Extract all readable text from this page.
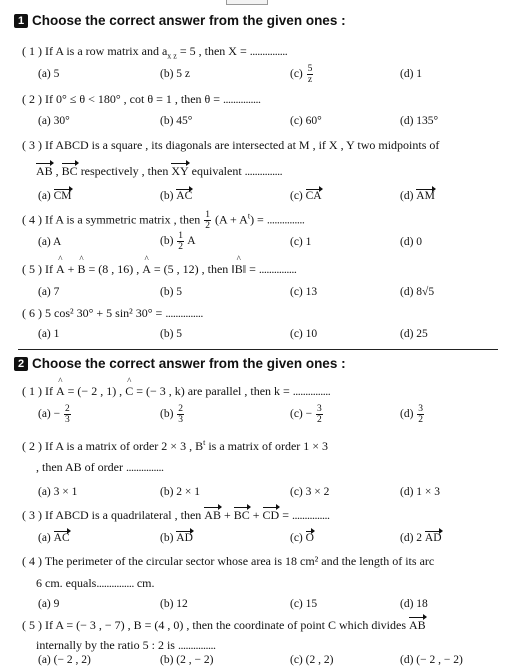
1 Choose the correct answer from the given ones :
( 1 ) If A is a row matrix and $a_{x z} = 5$ , then X = ...............
(a) 5	(b) 5 z	$(c) \frac{5}{z}$	(d) 1
( 2 ) If 0° ≤ θ < 180° , cot θ = 1 , then θ = ...............
(a) 30°	(b) 45°	(c) 60°	(d) 135°
( 3 ) If ABCD is a square , its diagonals are intersected at M , if X , Y two midpoints of
AB , BC respectively , then XY equivalent ...............
(a) CM	(b) AC	(c) CA	(d) AM
( 4 ) If A is a symmetric matrix , then $\frac{1}{2} (A + A^t)$ = ...............
(a) A	$(b) \frac{1}{2}$ A	(c) 1	(d) 0
( 5 ) If ^ A + ^ B = (8 , 16) , ^ A = (5 , 12) , then ‖^ B‖ = ...............
(a) 7	(b) 5	(c) 13	(d) 8√5
( 6 ) 5 cos² 30° + 5 sin² 30° = ...............
(a) 1	(b) 5	(c) 10	(d) 25
2 Choose the correct answer from the given ones :
( 1 ) If ^ A = (− 2 , 1) , ^ C = (− 3 , k) are parallel , then k = ...............
$(a) - \frac{2}{3}$	$(b) \frac{2}{3}$	$(c) - \frac{3}{2}$	$(d) \frac{3}{2}$
( 2 ) If A is a matrix of order 2 × 3 , $B^t$ is a matrix of order 1 × 3
, then AB of order ...............
(a) 3 × 1	(b) 2 × 1	(c) 3 × 2	(d) 1 × 3
( 3 ) If ABCD is a quadrilateral , then AB + BC + CD = ...............
(a) AC	(b) AD	(c) O	(d) 2 AD
( 4 ) The perimeter of the circular sector whose area is 18 cm² and the length of its arc
6 cm. equals............... cm.
(a) 9	(b) 12	(c) 15	(d) 18
( 5 ) If A = (− 3 , − 7) , B = (4 , 0) , then the coordinate of point C which divides AB
internally by the ratio 5 : 2 is ...............
(a) (− 2 , 2)	(b) (2 , − 2)	(c) (2 , 2)	(d) (− 2 , − 2)
